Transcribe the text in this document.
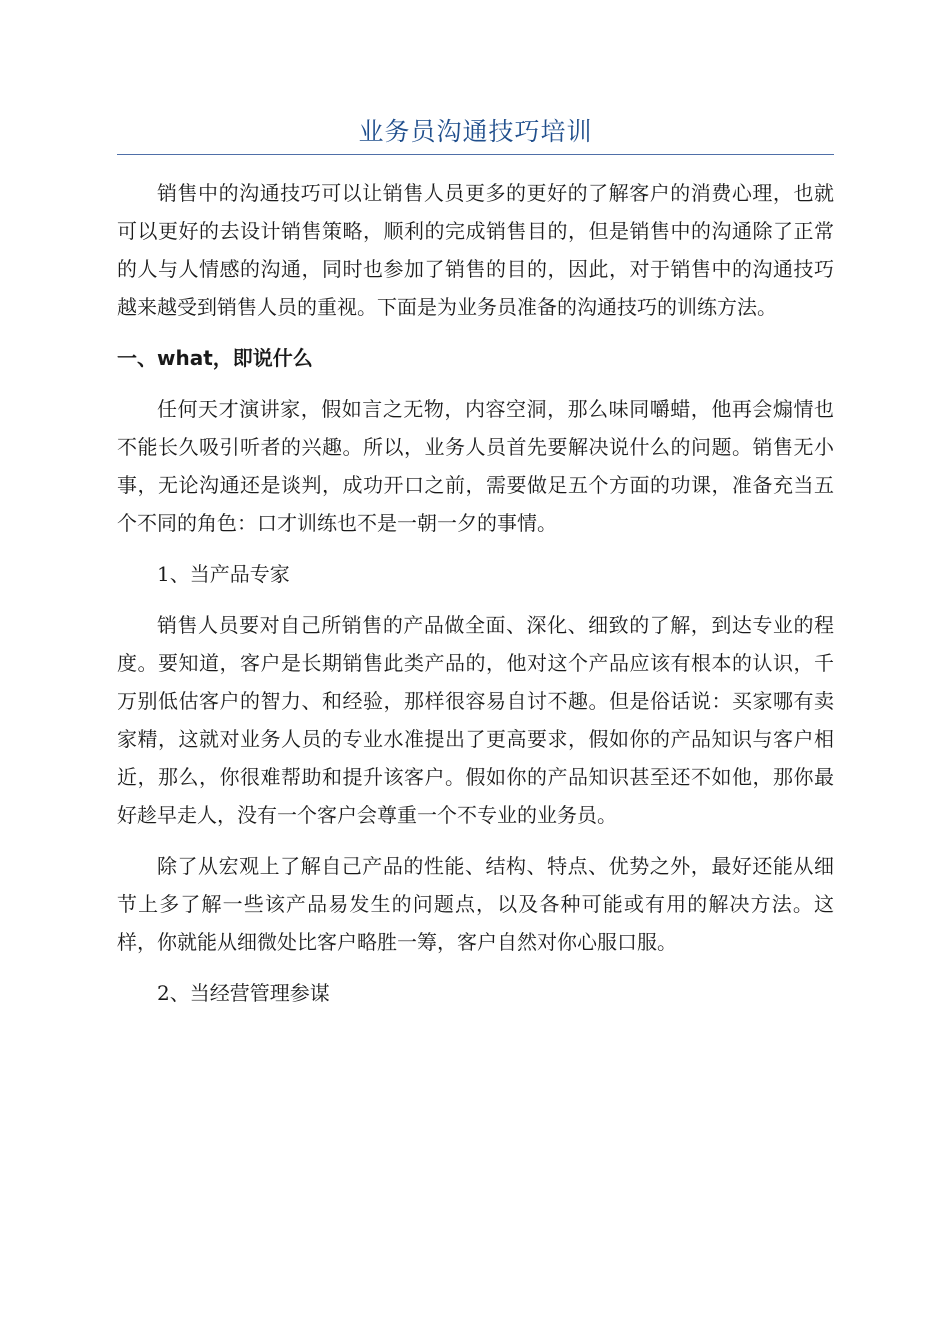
业务员沟通技巧培训

销售中的沟通技巧可以让销售人员更多的更好的了解客户的消费心理，也就可以更好的去设计销售策略，顺利的完成销售目的，但是销售中的沟通除了正常的人与人情感的沟通，同时也参加了销售的目的，因此，对于销售中的沟通技巧越来越受到销售人员的重视。下面是为业务员准备的沟通技巧的训练方法。

一、what，即说什么

任何天才演讲家，假如言之无物，内容空洞，那么味同嚼蜡，他再会煽情也不能长久吸引听者的兴趣。所以，业务人员首先要解决说什么的问题。销售无小事，无论沟通还是谈判，成功开口之前，需要做足五个方面的功课，准备充当五个不同的角色：口才训练也不是一朝一夕的事情。

1、当产品专家

销售人员要对自己所销售的产品做全面、深化、细致的了解，到达专业的程度。要知道，客户是长期销售此类产品的，他对这个产品应该有根本的认识，千万别低估客户的智力、和经验，那样很容易自讨不趣。但是俗话说：买家哪有卖家精，这就对业务人员的专业水准提出了更高要求，假如你的产品知识与客户相近，那么，你很难帮助和提升该客户。假如你的产品知识甚至还不如他，那你最好趁早走人，没有一个客户会尊重一个不专业的业务员。

除了从宏观上了解自己产品的性能、结构、特点、优势之外，最好还能从细节上多了解一些该产品易发生的问题点，以及各种可能或有用的解决方法。这样，你就能从细微处比客户略胜一筹，客户自然对你心服口服。

2、当经营管理参谋
